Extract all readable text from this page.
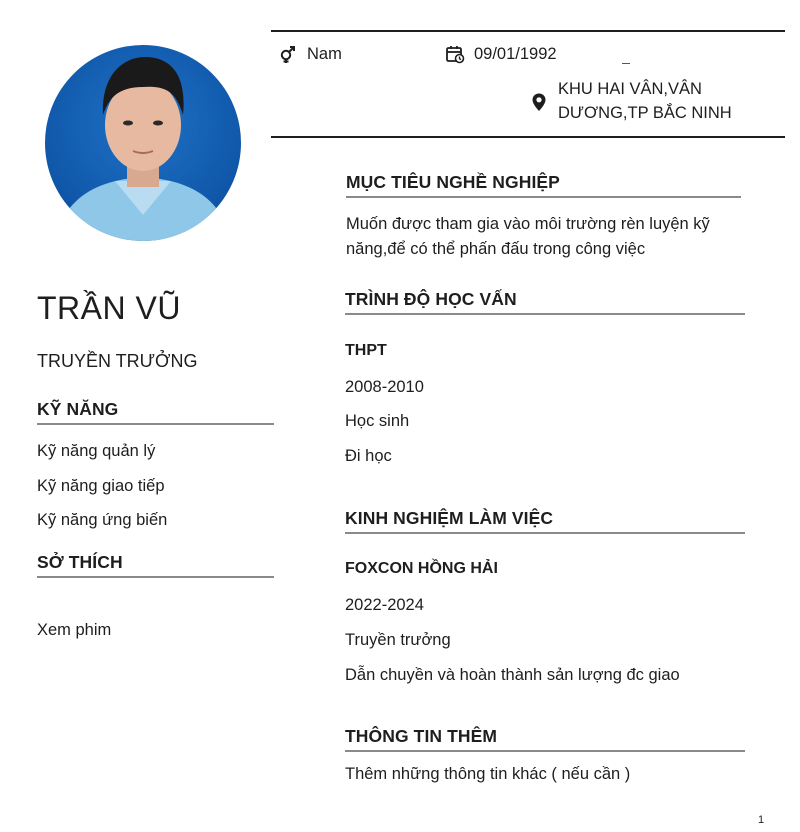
Nam	09/01/1992
KHU HAI VÂN,VÂN
DƯƠNG,TP BẮC NINH
TRẦN VŨ
TRUYỀN TRƯỞNG
KỸ NĂNG
Kỹ năng quản lý
Kỹ năng giao tiếp
Kỹ năng ứng biến
SỞ THÍCH
Xem phim
MỤC TIÊU NGHỀ NGHIỆP
Muốn được tham gia vào môi trường rèn luyện kỹ
năng,để có thể phấn đấu trong công việc
TRÌNH ĐỘ HỌC VẤN
THPT
2008-2010
Học sinh
Đi học
KINH NGHIỆM LÀM VIỆC
FOXCON HỒNG HẢI
2022-2024
Truyền trưởng
Dẫn chuyền và hoàn thành sản lượng đc giao
THÔNG TIN THÊM
Thêm những thông tin khác ( nếu cần )
1
